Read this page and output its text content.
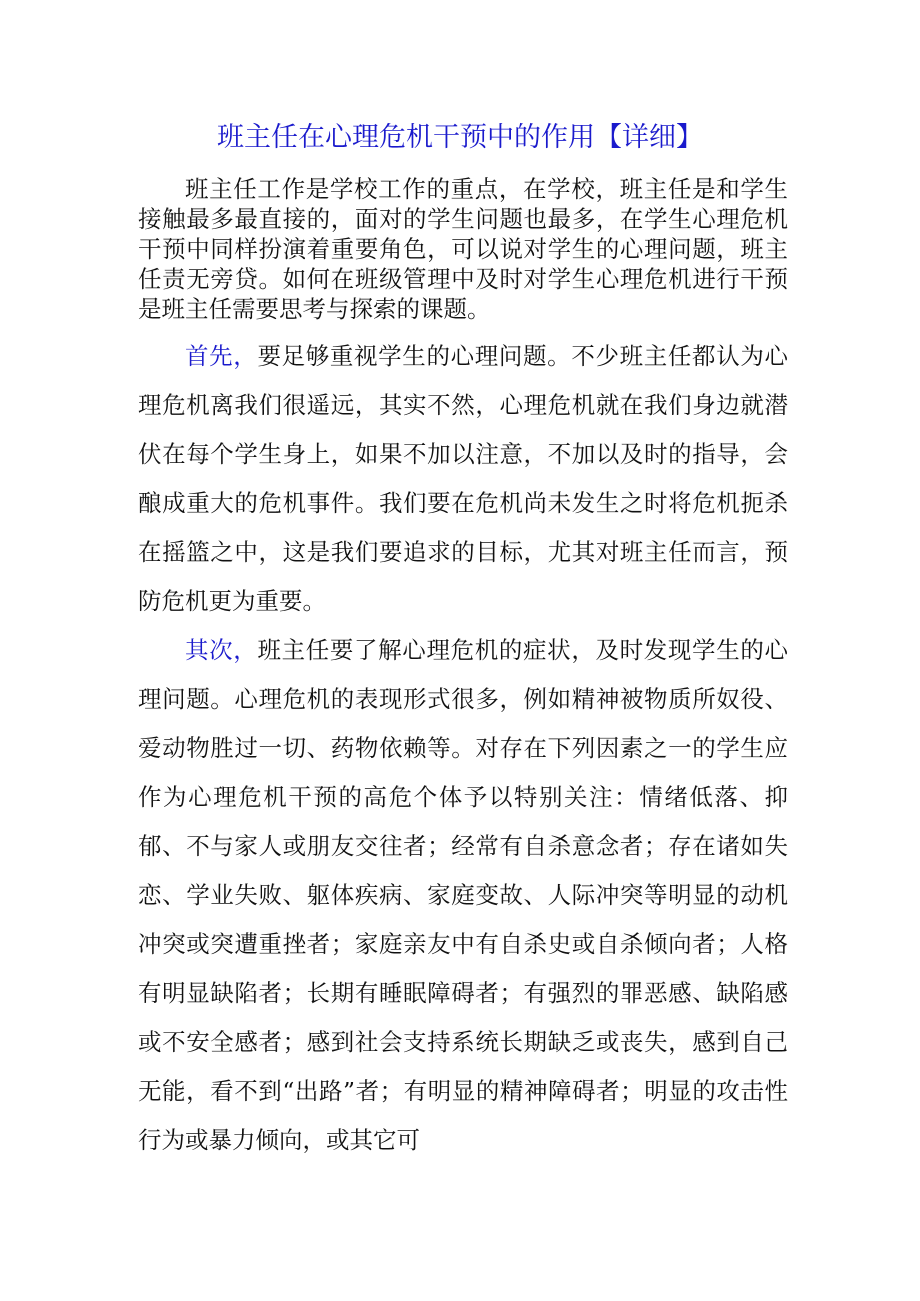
班主任在心理危机干预中的作用【详细】

班主任工作是学校工作的重点，在学校，班主任是和学生接触最多最直接的，面对的学生问题也最多，在学生心理危机干预中同样扮演着重要角色，可以说对学生的心理问题，班主任责无旁贷。如何在班级管理中及时对学生心理危机进行干预是班主任需要思考与探索的课题。

首先，要足够重视学生的心理问题。不少班主任都认为心理危机离我们很遥远，其实不然，心理危机就在我们身边就潜伏在每个学生身上，如果不加以注意，不加以及时的指导，会酿成重大的危机事件。我们要在危机尚未发生之时将危机扼杀在摇篮之中，这是我们要追求的目标，尤其对班主任而言，预防危机更为重要。

其次，班主任要了解心理危机的症状，及时发现学生的心理问题。心理危机的表现形式很多，例如精神被物质所奴役、爱动物胜过一切、药物依赖等。对存在下列因素之一的学生应作为心理危机干预的高危个体予以特别关注：情绪低落、抑郁、不与家人或朋友交往者；经常有自杀意念者；存在诸如失恋、学业失败、躯体疾病、家庭变故、人际冲突等明显的动机冲突或突遭重挫者；家庭亲友中有自杀史或自杀倾向者；人格有明显缺陷者；长期有睡眠障碍者；有强烈的罪恶感、缺陷感或不安全感者；感到社会支持系统长期缺乏或丧失，感到自己无能，看不到“出路”者；有明显的精神障碍者；明显的攻击性行为或暴力倾向，或其它可
